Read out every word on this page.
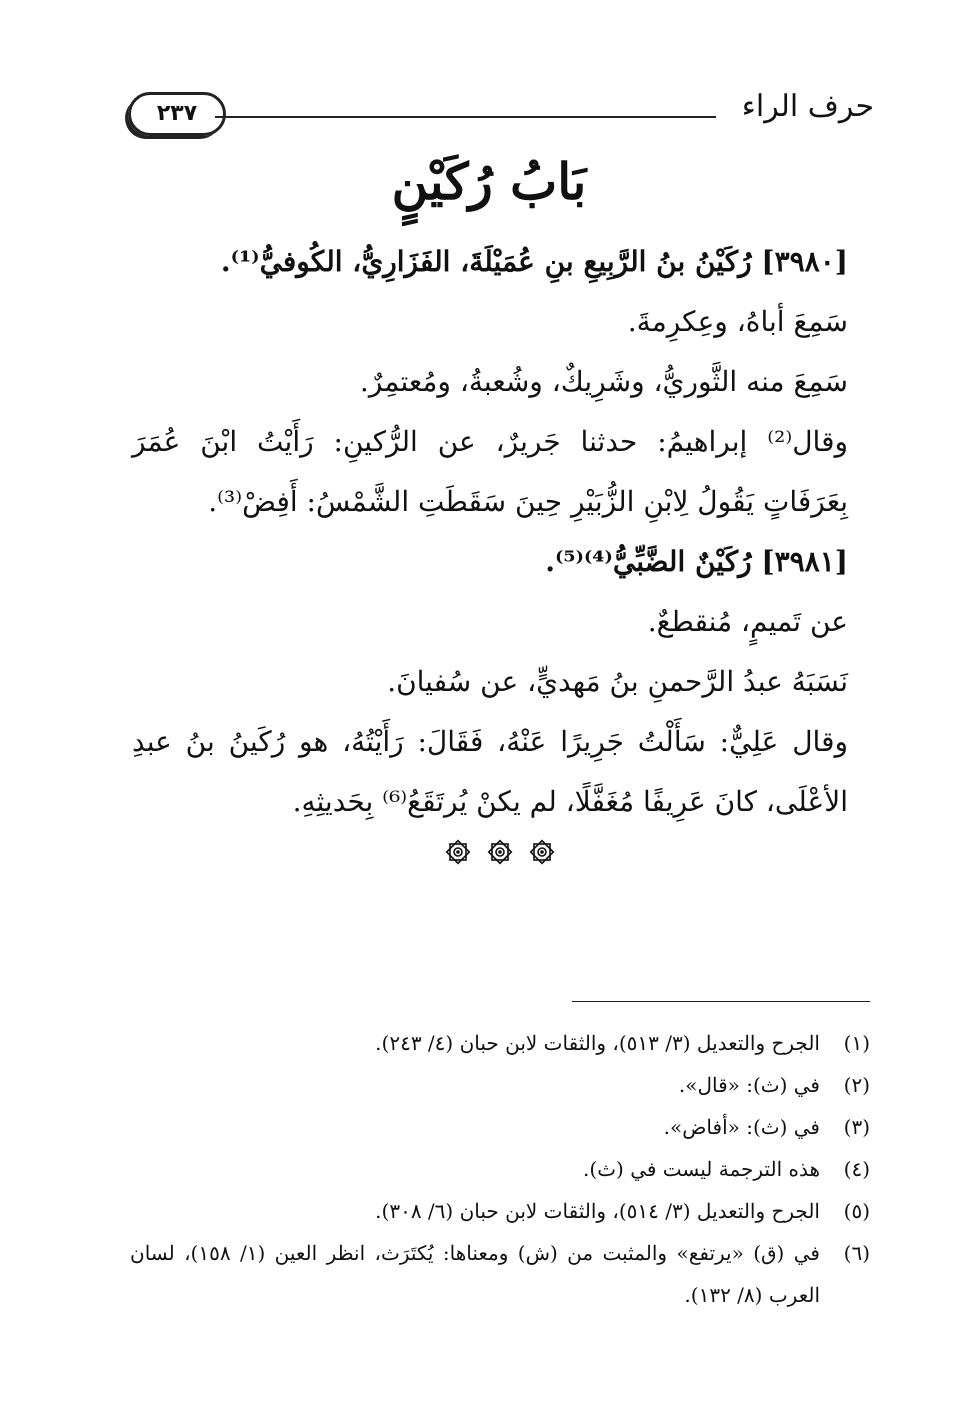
حرف الراء
٢٣٧
بَابُ رُكَيْنٍ

[٣٩٨٠] رُكَيْنُ بنُ الرَّبِيعِ بنِ عُمَيْلَةَ، الفَزَارِيُّ، الكُوفيُّ⁽¹⁾.

سَمِعَ أباهُ، وعِكرِمةَ.

سَمِعَ منه الثَّوريُّ، وشَرِيكٌ، وشُعبةُ، ومُعتمِرٌ.

وقال⁽²⁾ إبراهيمُ: حدثنا جَريرٌ، عن الرُّكينِ: رَأَيْتُ ابْنَ عُمَرَ بِعَرَفَاتٍ يَقُولُ لِابْنِ الزُّبَيْرِ حِينَ سَقَطَتِ الشَّمْسُ: أَفِضْ⁽³⁾.

[٣٩٨١] رُكَيْنٌ الضَّبِّيُّ⁽⁴⁾⁽⁵⁾.

عن تَميمٍ، مُنقطعٌ.

نَسَبَهُ عبدُ الرَّحمنِ بنُ مَهديٍّ، عن سُفيانَ.

وقال عَلِيٌّ: سَأَلْتُ جَرِيرًا عَنْهُ، فَقَالَ: رَأَيْتُهُ، هو رُكَينُ بنُ عبدِ الأعْلَى، كانَ عَرِيفًا مُغَفَّلًا، لم يكنْ يُرتَقَعُ⁽⁶⁾ بِحَديثِهِ.

(١)
الجرح والتعديل (٣/ ٥١٣)، والثقات لابن حبان (٤/ ٢٤٣).
(٢)
في (ث): «قال».
(٣)
في (ث): «أفاض».
(٤)
هذه الترجمة ليست في (ث).
(٥)
الجرح والتعديل (٣/ ٥١٤)، والثقات لابن حبان (٦/ ٣٠٨).
(٦)
في (ق) «يرتفع» والمثبت من (ش) ومعناها: يُكتَرَث، انظر العين (١/ ١٥٨)، لسان العرب (٨/ ١٣٢).
